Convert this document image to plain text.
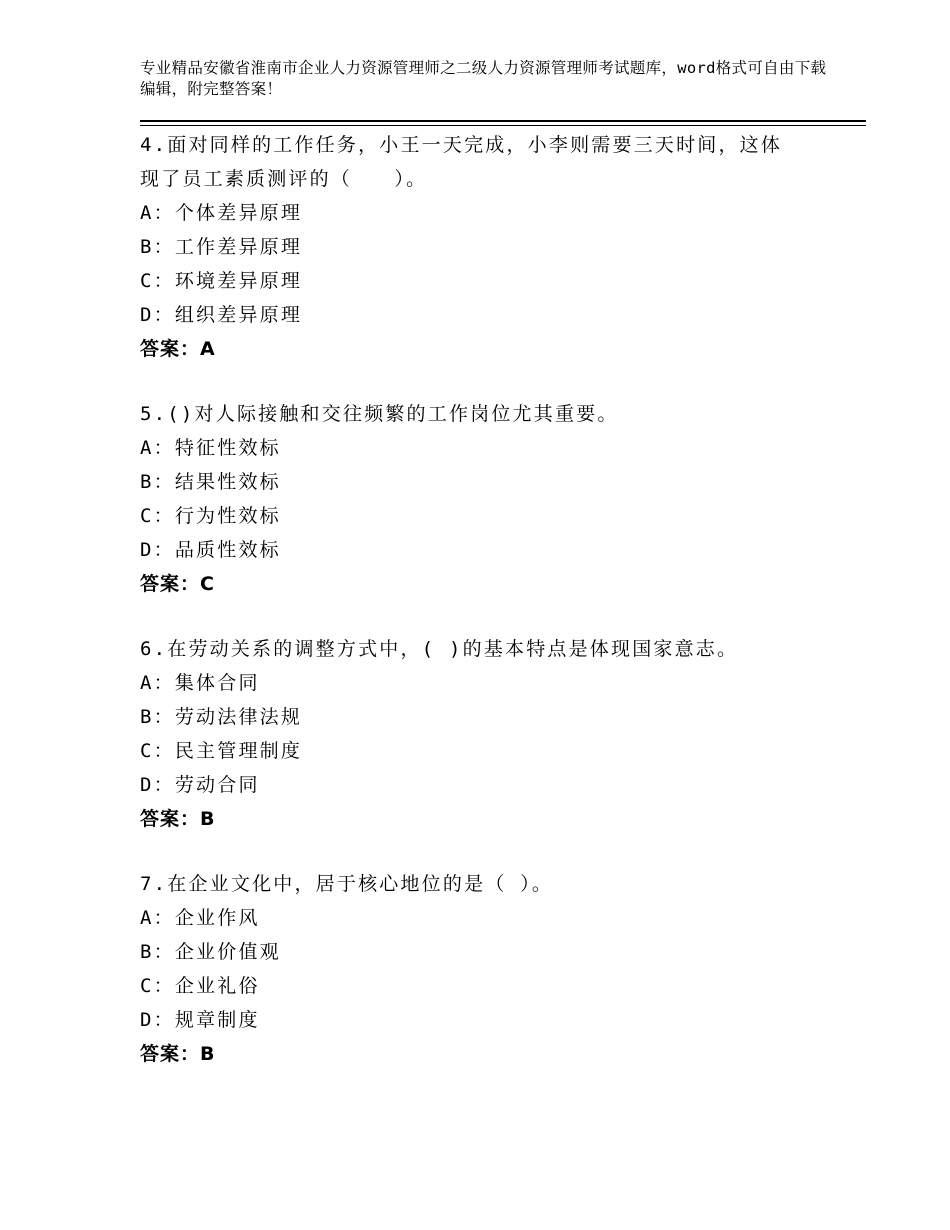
专业精品安徽省淮南市企业人力资源管理师之二级人力资源管理师考试题库，word格式可自由下载编辑，附完整答案！
4.面对同样的工作任务，小王一天完成，小李则需要三天时间，这体
现了员工素质测评的（　　）。
A：个体差异原理
B：工作差异原理
C：环境差异原理
D：组织差异原理
答案：A
5.()对人际接触和交往频繁的工作岗位尤其重要。
A：特征性效标
B：结果性效标
C：行为性效标
D：品质性效标
答案：C
6.在劳动关系的调整方式中，( )的基本特点是体现国家意志。
A：集体合同
B：劳动法律法规
C：民主管理制度
D：劳动合同
答案：B
7.在企业文化中，居于核心地位的是（ ）。
A：企业作风
B：企业价值观
C：企业礼俗
D：规章制度
答案：B
